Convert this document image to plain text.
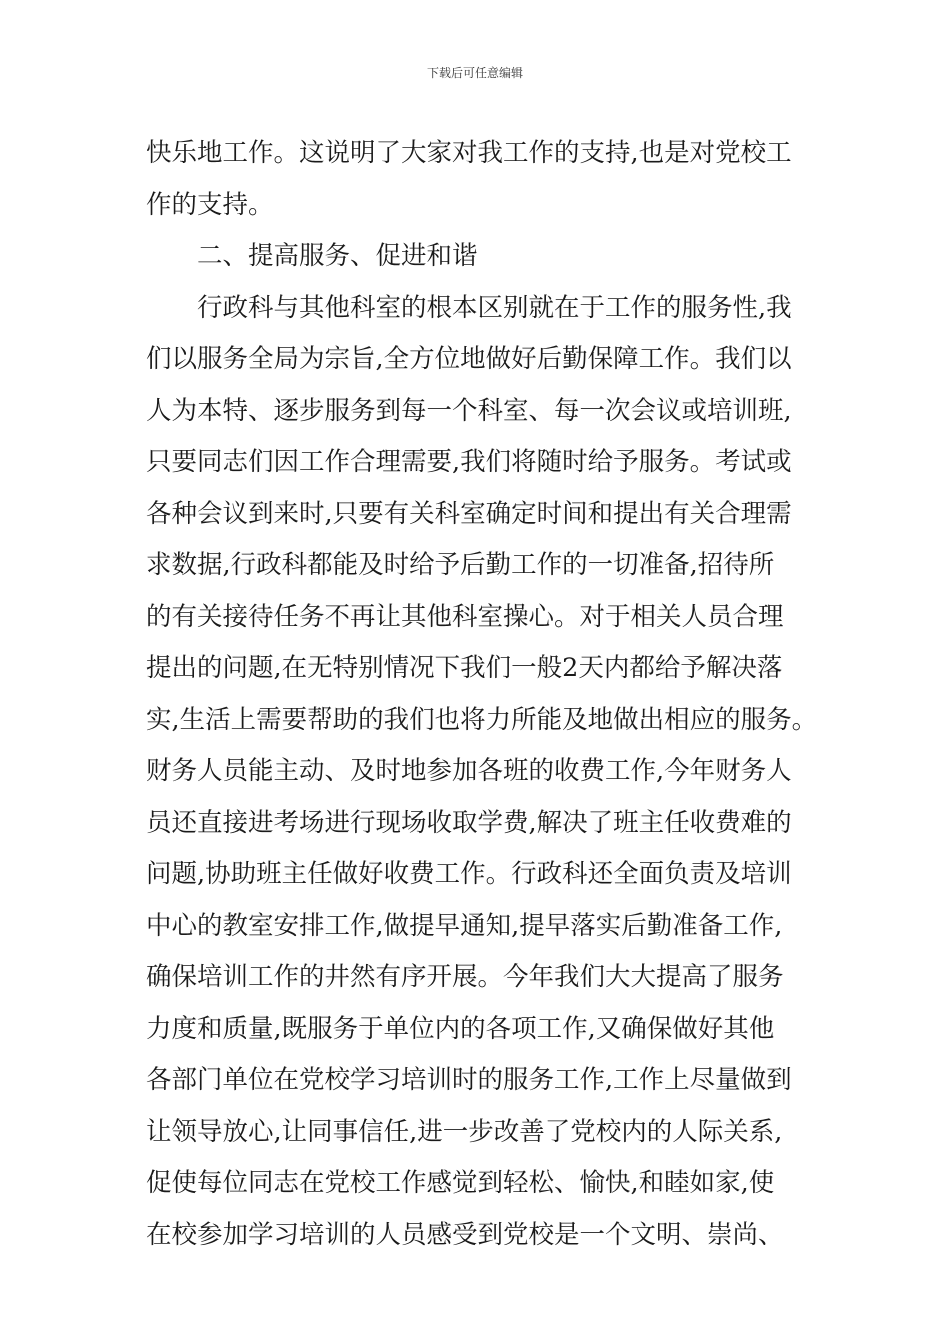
下载后可任意编辑
快乐地工作。这说明了大家对我工作的支持,也是对党校工
作的支持。
二、提高服务、促进和谐
行政科与其他科室的根本区别就在于工作的服务性,我
们以服务全局为宗旨,全方位地做好后勤保障工作。我们以
人为本特、逐步服务到每一个科室、每一次会议或培训班,
只要同志们因工作合理需要,我们将随时给予服务。考试或
各种会议到来时,只要有关科室确定时间和提出有关合理需
求数据,行政科都能及时给予后勤工作的一切准备,招待所
的有关接待任务不再让其他科室操心。对于相关人员合理
提出的问题,在无特别情况下我们一般2天内都给予解决落
实,生活上需要帮助的我们也将力所能及地做出相应的服务。
财务人员能主动、及时地参加各班的收费工作,今年财务人
员还直接进考场进行现场收取学费,解决了班主任收费难的
问题,协助班主任做好收费工作。行政科还全面负责及培训
中心的教室安排工作,做提早通知,提早落实后勤准备工作,
确保培训工作的井然有序开展。今年我们大大提高了服务
力度和质量,既服务于单位内的各项工作,又确保做好其他
各部门单位在党校学习培训时的服务工作,工作上尽量做到
让领导放心,让同事信任,进一步改善了党校内的人际关系,
促使每位同志在党校工作感觉到轻松、愉快,和睦如家,使
在校参加学习培训的人员感受到党校是一个文明、崇尚、
